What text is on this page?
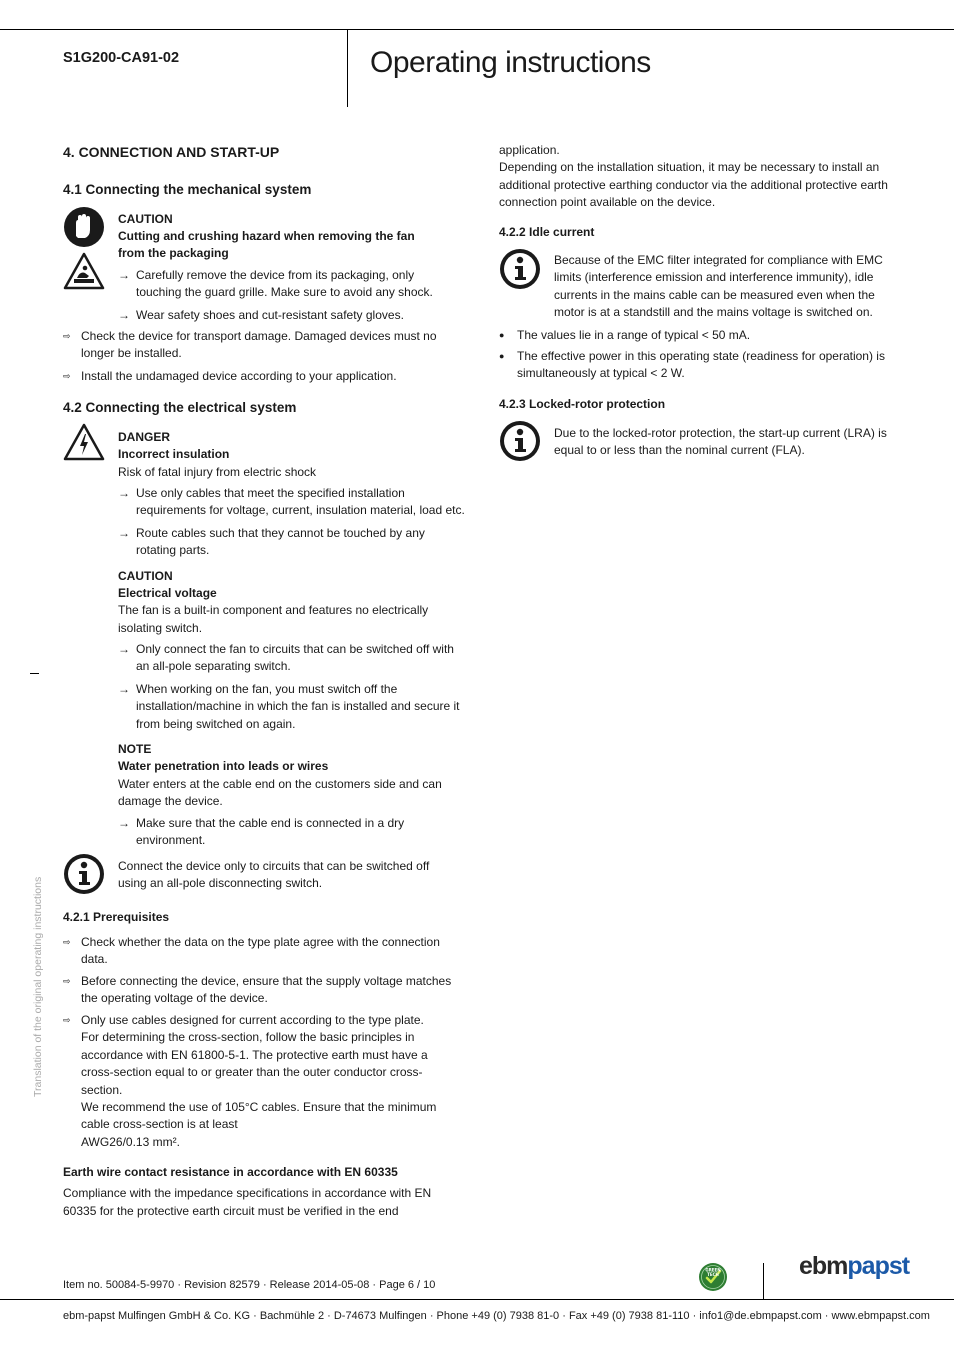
S1G200-CA91-02	Operating instructions
4. CONNECTION AND START-UP
4.1 Connecting the mechanical system
CAUTION
Cutting and crushing hazard when removing the fan
from the packaging
→ Carefully remove the device from its packaging, only
touching the guard grille. Make sure to avoid any shock.
→ Wear safety shoes and cut-resistant safety gloves.
⇨ Check the device for transport damage. Damaged devices must no
longer be installed.
⇨ Install the undamaged device according to your application.
4.2 Connecting the electrical system
DANGER
Incorrect insulation
Risk of fatal injury from electric shock
→ Use only cables that meet the specified installation
requirements for voltage, current, insulation material, load etc.
→ Route cables such that they cannot be touched by any
rotating parts.
CAUTION
Electrical voltage
The fan is a built-in component and features no electrically
isolating switch.
→ Only connect the fan to circuits that can be switched off with
an all-pole separating switch.
→ When working on the fan, you must switch off the
installation/machine in which the fan is installed and secure it
from being switched on again.
NOTE
Water penetration into leads or wires
Water enters at the cable end on the customers side and can
damage the device.
→ Make sure that the cable end is connected in a dry
environment.
Connect the device only to circuits that can be switched off
using an all-pole disconnecting switch.
4.2.1 Prerequisites
⇨ Check whether the data on the type plate agree with the connection
data.
⇨ Before connecting the device, ensure that the supply voltage matches
the operating voltage of the device.
⇨ Only use cables designed for current according to the type plate.
For determining the cross-section, follow the basic principles in
accordance with EN 61800-5-1. The protective earth must have a
cross-section equal to or greater than the outer conductor cross-
section.
We recommend the use of 105°C cables. Ensure that the minimum
cable cross-section is at least
AWG26/0.13 mm².
Earth wire contact resistance in accordance with EN 60335
Compliance with the impedance specifications in accordance with EN
60335 for the protective earth circuit must be verified in the end
application.
Depending on the installation situation, it may be necessary to install an
additional protective earthing conductor via the additional protective earth
connection point available on the device.
4.2.2 Idle current
Because of the EMC filter integrated for compliance with EMC
limits (interference emission and interference immunity), idle
currents in the mains cable can be measured even when the
motor is at a standstill and the mains voltage is switched on.
● The values lie in a range of typical < 50 mA.
● The effective power in this operating state (readiness for operation) is
simultaneously at typical < 2 W.
4.2.3 Locked-rotor protection
Due to the locked-rotor protection, the start-up current (LRA) is
equal to or less than the nominal current (FLA).
Translation of the original operating instructions
Item no. 50084-5-9970 · Revision 82579 · Release 2014-05-08 · Page 6 / 10
GREEN
TECH	ebmpapst
ebm-papst Mulfingen GmbH & Co. KG · Bachmühle 2 · D-74673 Mulfingen · Phone +49 (0) 7938 81-0 · Fax +49 (0) 7938 81-110 · info1@de.ebmpapst.com · www.ebmpapst.com
